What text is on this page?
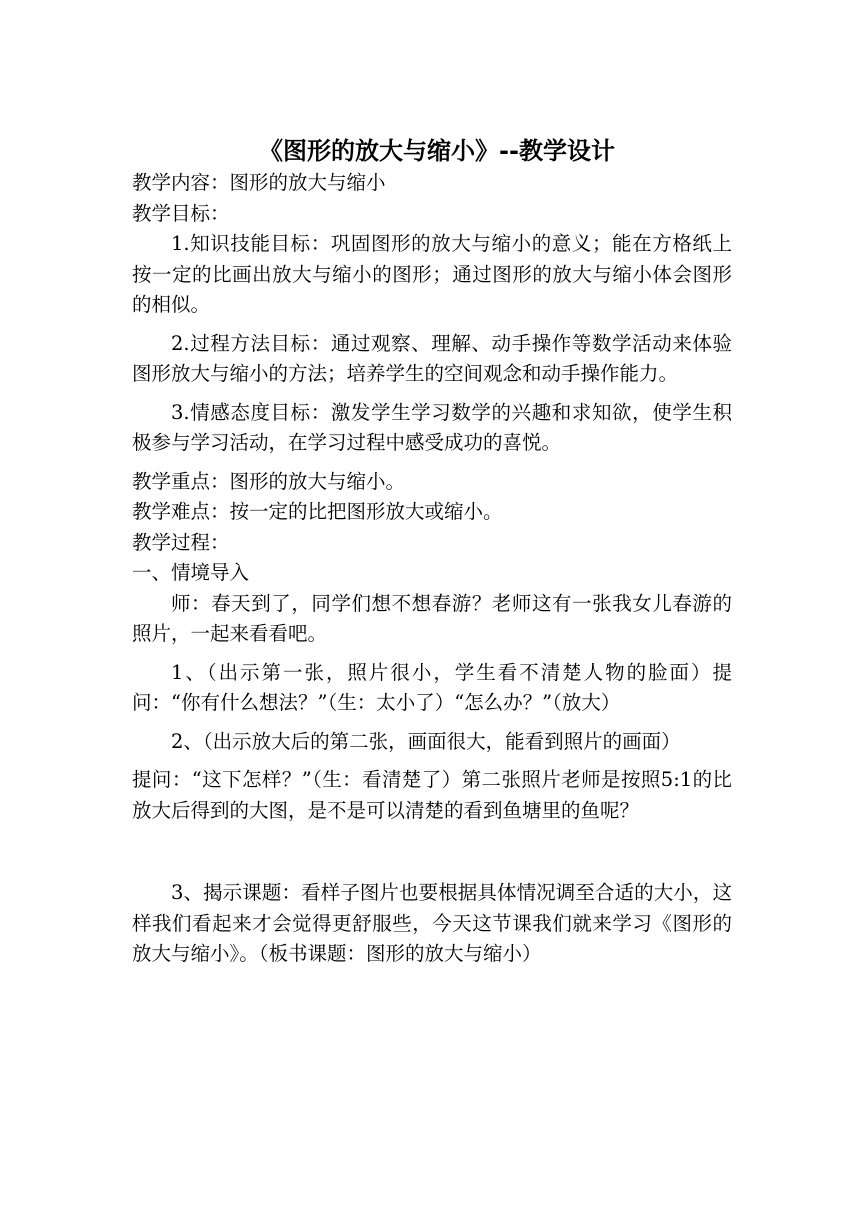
《图形的放大与缩小》--教学设计

教学内容：图形的放大与缩小

教学目标：

1.知识技能目标：巩固图形的放大与缩小的意义；能在方格纸上按一定的比画出放大与缩小的图形；通过图形的放大与缩小体会图形的相似。

2.过程方法目标：通过观察、理解、动手操作等数学活动来体验图形放大与缩小的方法；培养学生的空间观念和动手操作能力。

3.情感态度目标：激发学生学习数学的兴趣和求知欲，使学生积极参与学习活动，在学习过程中感受成功的喜悦。

教学重点：图形的放大与缩小。

教学难点：按一定的比把图形放大或缩小。

教学过程：

一、情境导入

师：春天到了，同学们想不想春游？老师这有一张我女儿春游的照片，一起来看看吧。

1、（出示第一张，照片很小，学生看不清楚人物的脸面）提问：“你有什么想法？”（生：太小了）“怎么办？”（放大）

2、（出示放大后的第二张，画面很大，能看到照片的画面）

提问：“这下怎样？”（生：看清楚了）第二张照片老师是按照5:1的比放大后得到的大图，是不是可以清楚的看到鱼塘里的鱼呢？

3、揭示课题：看样子图片也要根据具体情况调至合适的大小，这样我们看起来才会觉得更舒服些，今天这节课我们就来学习《图形的放大与缩小》。（板书课题：图形的放大与缩小）
